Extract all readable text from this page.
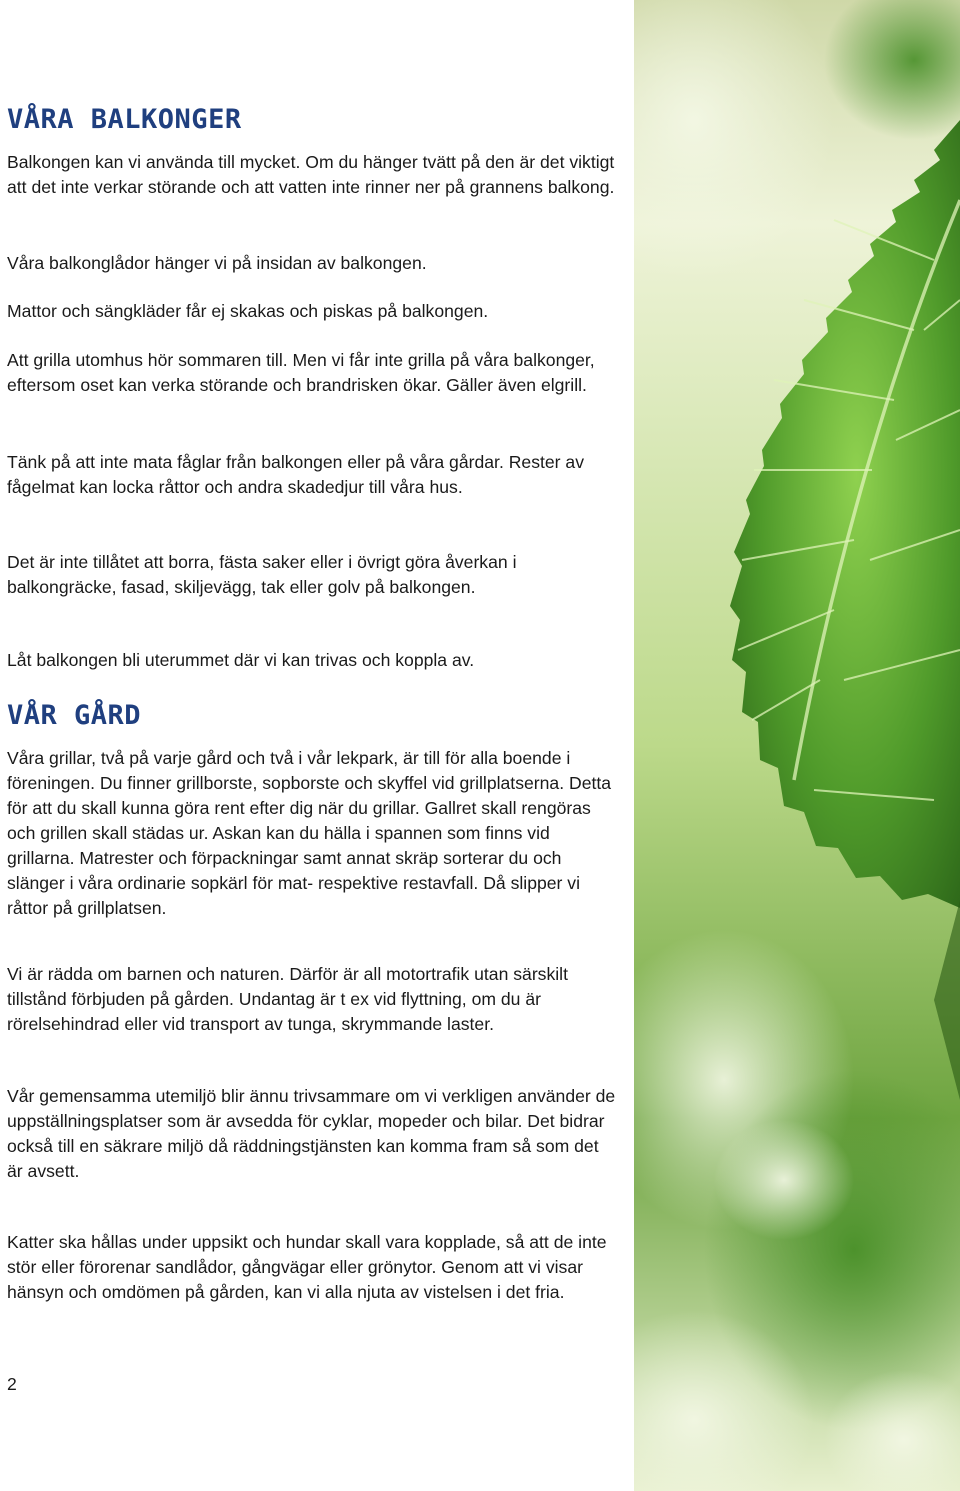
VÅRA BALKONGER

Balkongen kan vi använda till mycket. Om du hänger tvätt på den är det viktigt att det inte verkar störande och att vatten inte rinner ner på grannens balkong.

Våra balkonglådor hänger vi på insidan av balkongen.

Mattor och sängkläder får ej skakas och piskas på balkongen.

Att grilla utomhus hör sommaren till. Men vi får inte grilla på våra balkonger, eftersom oset kan verka störande och brandrisken ökar. Gäller även elgrill.

Tänk på att inte mata fåglar från balkongen eller på våra gårdar. Rester av fågelmat kan locka råttor och andra skadedjur till våra hus.

Det är inte tillåtet att borra, fästa saker eller i övrigt göra åverkan i balkongräcke, fasad, skiljevägg, tak eller golv på balkongen.

Låt balkongen bli uterummet där vi kan trivas och koppla av.

VÅR GÅRD

Våra grillar, två på varje gård och två i vår lekpark, är till för alla boende i föreningen. Du finner grillborste, sopborste och skyffel vid grillplatserna. Detta för att du skall kunna göra rent efter dig när du grillar. Gallret skall rengöras och grillen skall städas ur. Askan kan du hälla i spannen som finns vid grillarna. Matrester och förpackningar samt annat skräp sorterar du och slänger i våra ordinarie sopkärl för mat- respektive restavfall. Då slipper vi råttor på grillplatsen.

Vi är rädda om barnen och naturen. Därför är all motortrafik utan särskilt tillstånd förbjuden på gården. Undantag är t ex vid flyttning, om du är rörelsehindrad eller vid transport av tunga, skrymmande laster.

Vår gemensamma utemiljö blir ännu trivsammare om vi verkligen använder de uppställningsplatser som är avsedda för cyklar, mopeder och bilar. Det bidrar också till en säkrare miljö då räddningstjänsten kan komma fram så som det är avsett.

Katter ska hållas under uppsikt och hundar skall vara kopplade, så att de inte stör eller förorenar sandlådor, gångvägar eller grönytor. Genom att vi visar hänsyn och omdömen på gården, kan vi alla njuta av vistelsen i det fria.

2
